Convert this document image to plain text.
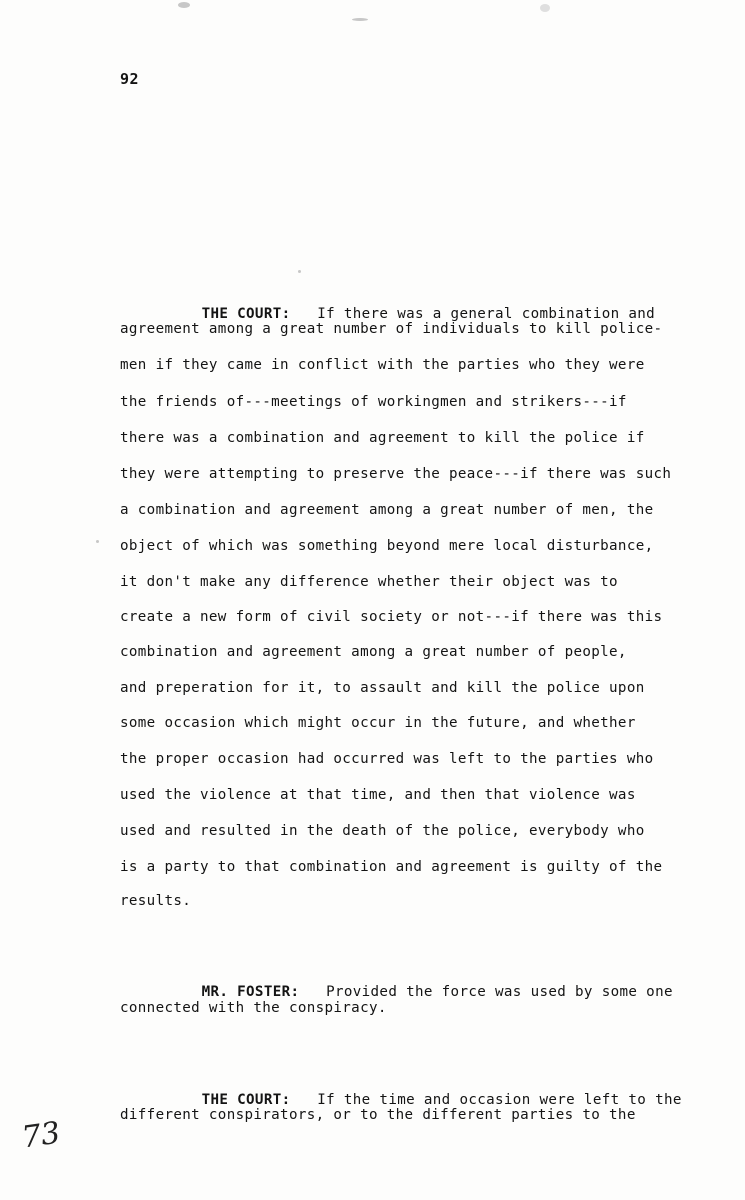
92

THE COURT: If there was a general combination and

agreement among a great number of individuals to kill police-
men if they came in conflict with the parties who they were
the friends of---meetings of workingmen and strikers---if
there was a combination and agreement to kill the police if
they were attempting to preserve the peace---if there was such
a combination and agreement among a great number of men, the
object of which was something beyond mere local disturbance,
it don't make any difference whether their object was to
create a new form of civil society or not---if there was this
combination and agreement among a great number of people,
and preperation for it, to assault and kill the police upon
some occasion which might occur in the future, and whether
the proper occasion had occurred was left to the parties who
used the violence at that time, and then that violence was
used and resulted in the death of the police, everybody who
is a party to that combination and agreement is guilty of the
results.

MR. FOSTER: Provided the force was used by some one

connected with the conspiracy.

THE COURT: If the time and occasion were left to the

different conspirators, or to the different parties to the
73
